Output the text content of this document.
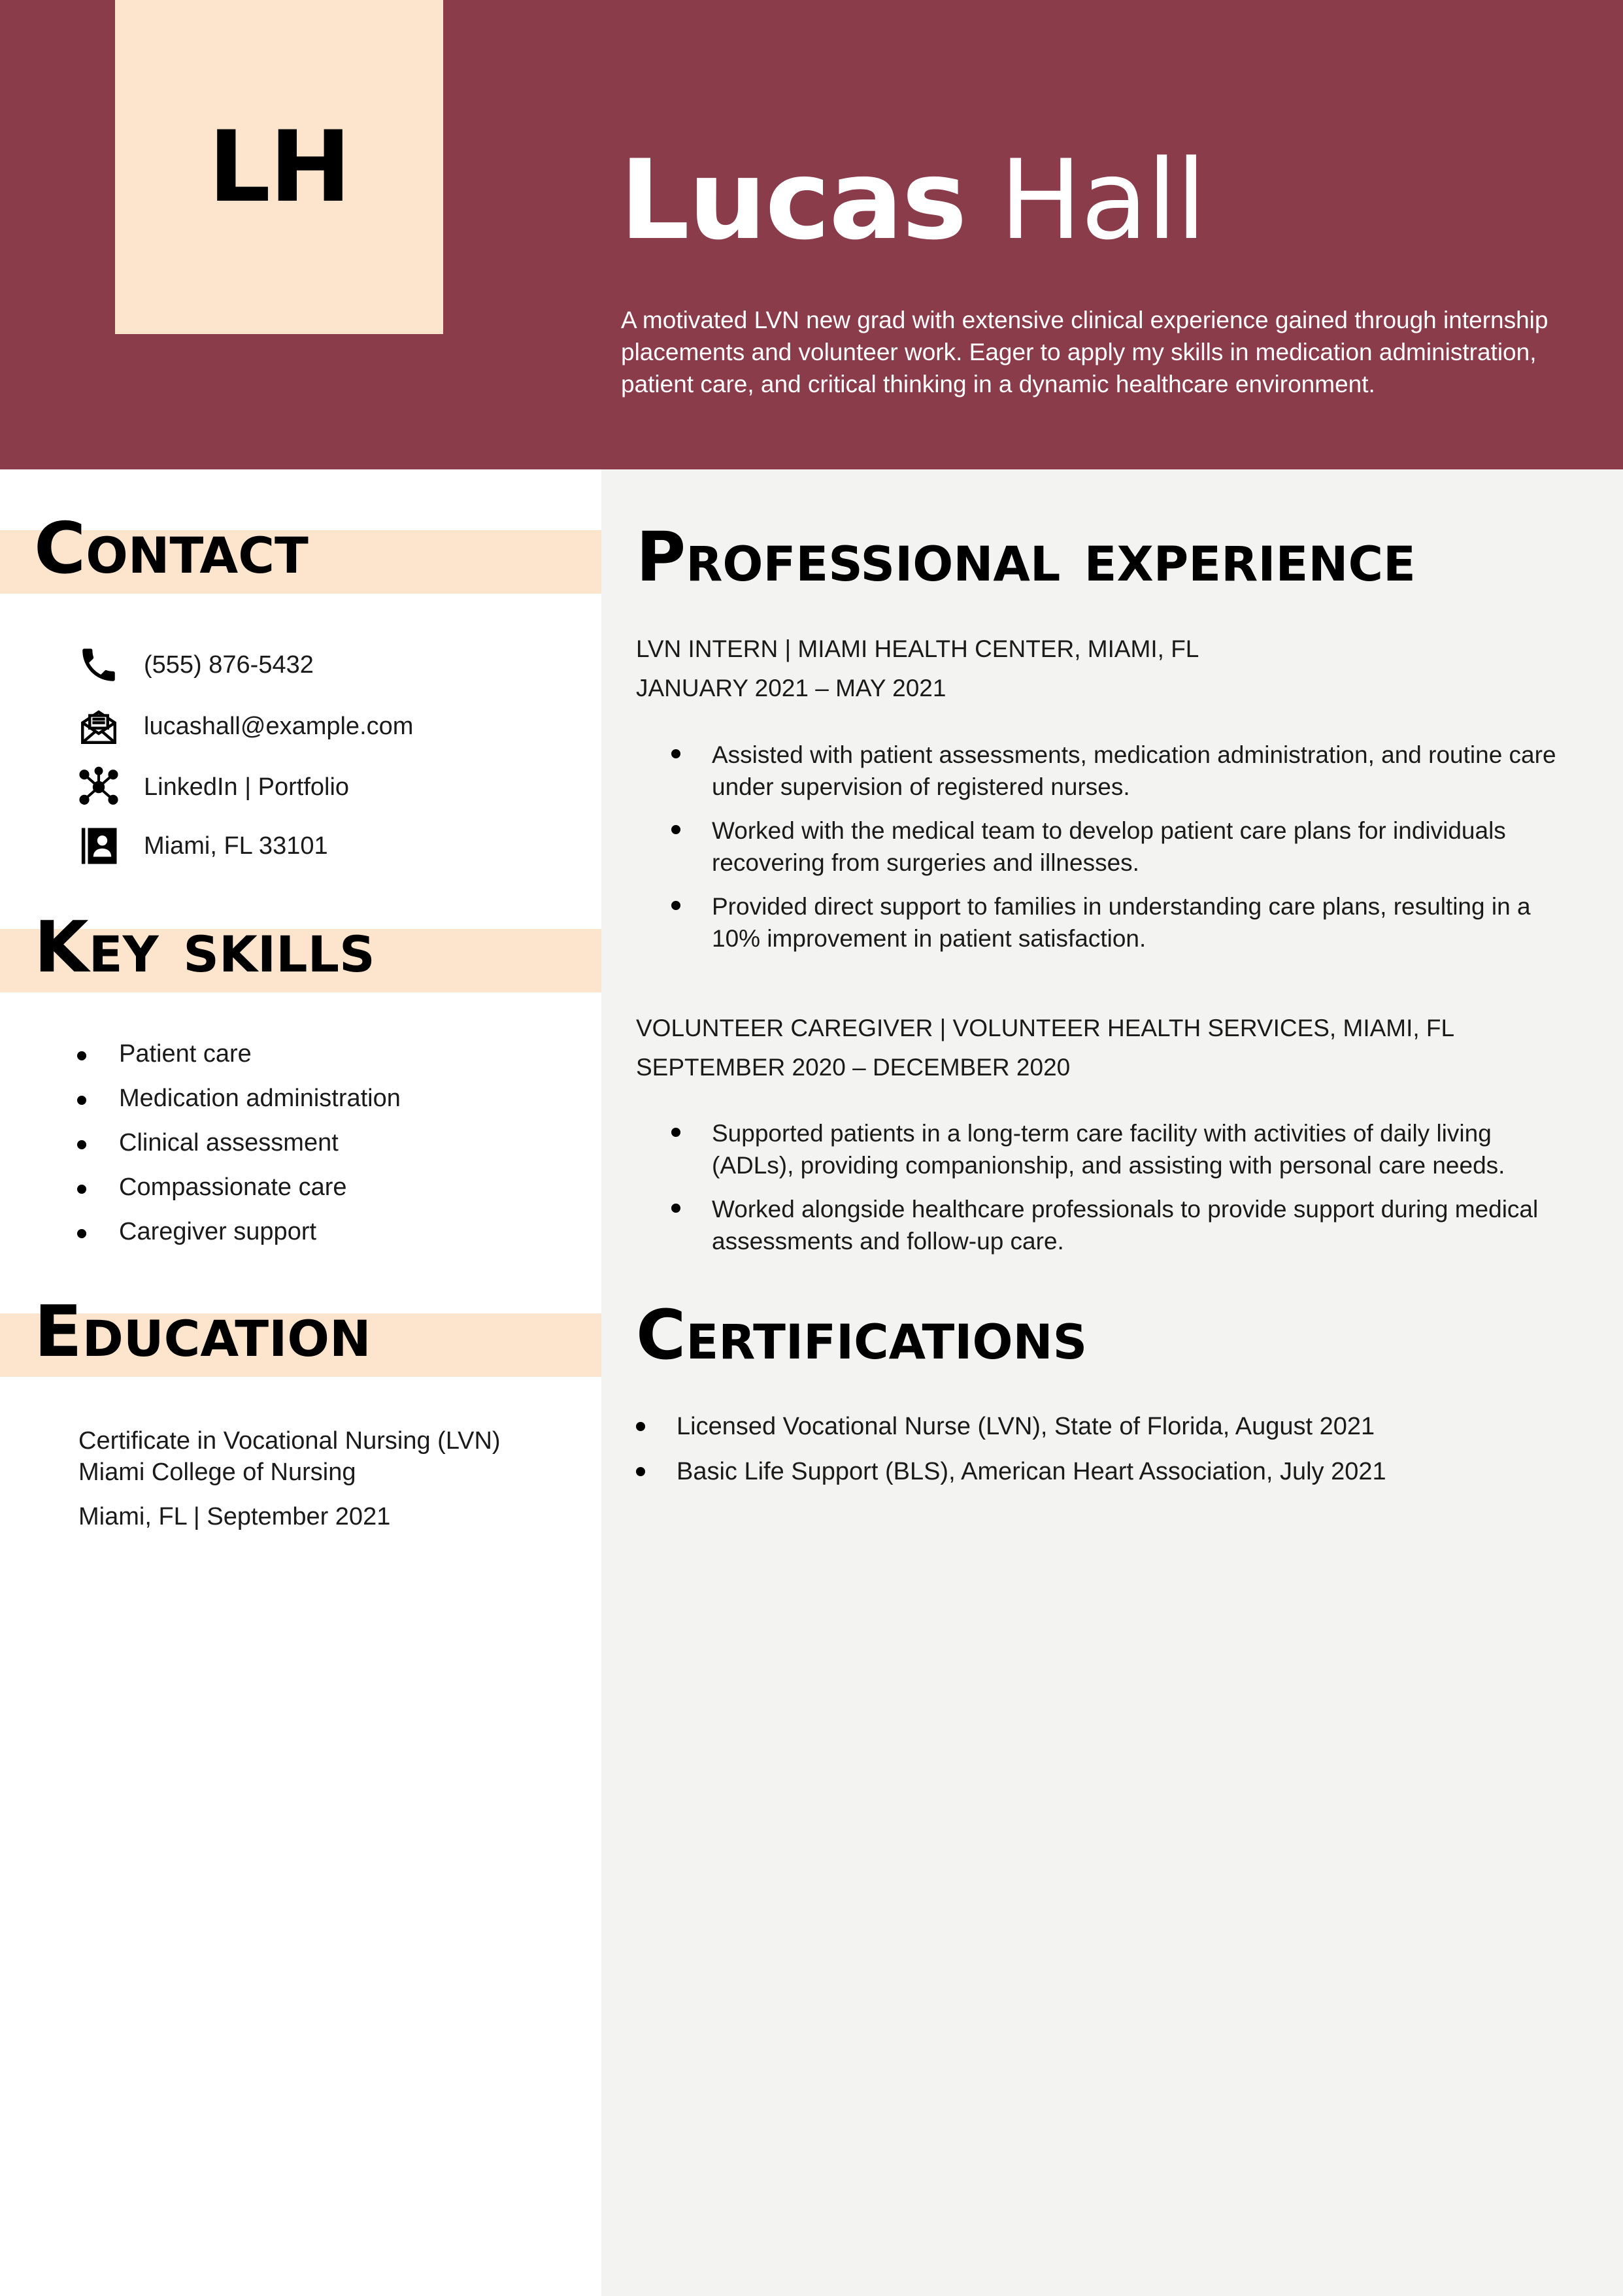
LH Lucas Hall
A motivated LVN new grad with extensive clinical experience gained through internship placements and volunteer work. Eager to apply my skills in medication administration, patient care, and critical thinking in a dynamic healthcare environment.
Contact
(555) 876-5432
lucashall@example.com
LinkedIn | Portfolio
Miami, FL 33101
Key skills
Patient care
Medication administration
Clinical assessment
Compassionate care
Caregiver support
Education

Certificate in Vocational Nursing (LVN)

Miami College of Nursing

Miami, FL | September 2021

Professional experience
LVN INTERN | MIAMI HEALTH CENTER, MIAMI, FL
JANUARY 2021 – MAY 2021
Assisted with patient assessments, medication administration, and routine care under supervision of registered nurses.
Worked with the medical team to develop patient care plans for individuals recovering from surgeries and illnesses.
Provided direct support to families in understanding care plans, resulting in a 10% improvement in patient satisfaction.
VOLUNTEER CAREGIVER | VOLUNTEER HEALTH SERVICES, MIAMI, FL
SEPTEMBER 2020 – DECEMBER 2020
Supported patients in a long-term care facility with activities of daily living (ADLs), providing companionship, and assisting with personal care needs.
Worked alongside healthcare professionals to provide support during medical assessments and follow-up care.
Certifications
Licensed Vocational Nurse (LVN), State of Florida, August 2021
Basic Life Support (BLS), American Heart Association, July 2021
